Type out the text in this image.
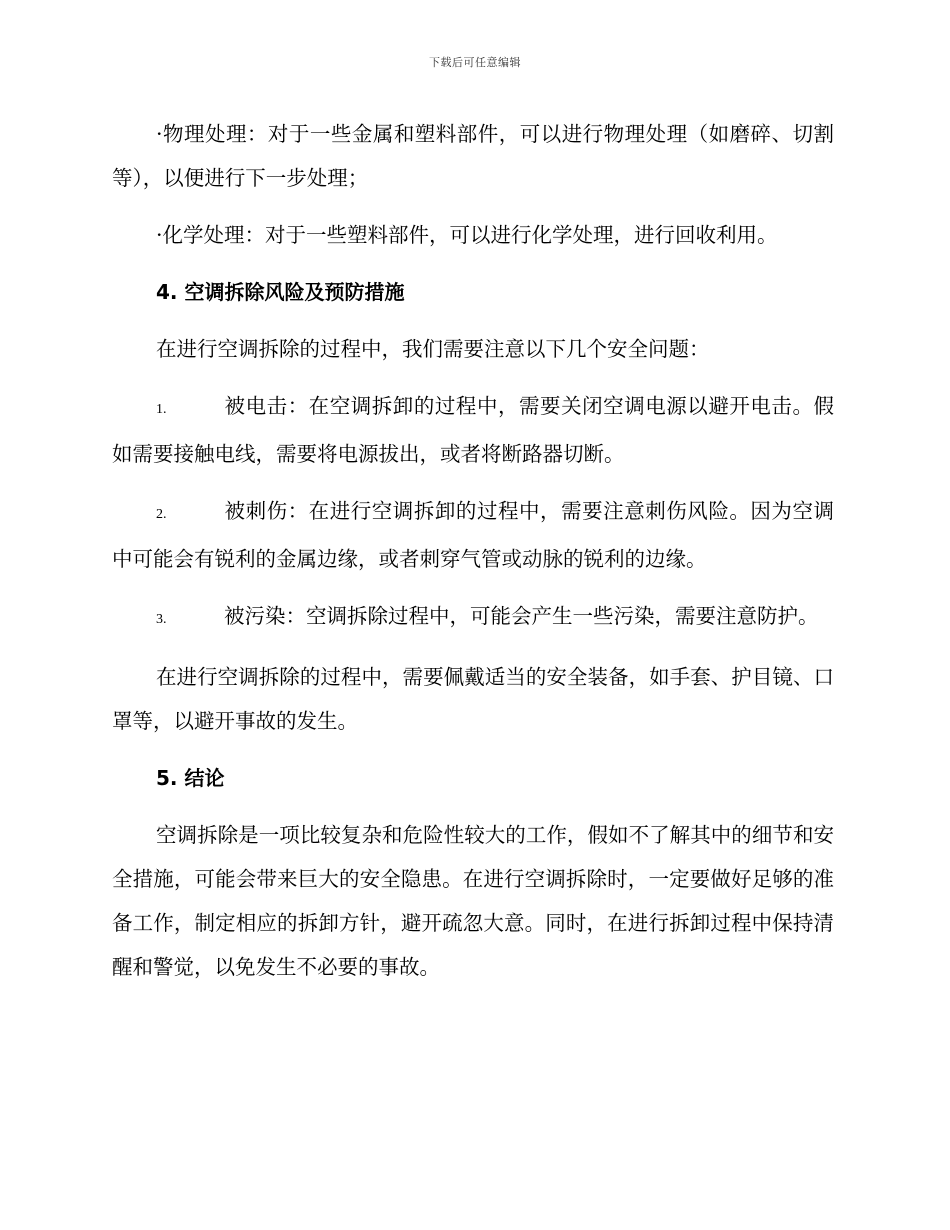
下载后可任意编辑

·物理处理：对于一些金属和塑料部件，可以进行物理处理（如磨碎、切割等），以便进行下一步处理；

·化学处理：对于一些塑料部件，可以进行化学处理，进行回收利用。

4. 空调拆除风险及预防措施

在进行空调拆除的过程中，我们需要注意以下几个安全问题：

1.	被电击：在空调拆卸的过程中，需要关闭空调电源以避开电击。假如需要接触电线，需要将电源拔出，或者将断路器切断。
2.	被刺伤：在进行空调拆卸的过程中，需要注意刺伤风险。因为空调中可能会有锐利的金属边缘，或者刺穿气管或动脉的锐利的边缘。
3.	被污染：空调拆除过程中，可能会产生一些污染，需要注意防护。

在进行空调拆除的过程中，需要佩戴适当的安全装备，如手套、护目镜、口罩等，以避开事故的发生。

5. 结论

空调拆除是一项比较复杂和危险性较大的工作，假如不了解其中的细节和安全措施，可能会带来巨大的安全隐患。在进行空调拆除时，一定要做好足够的准备工作，制定相应的拆卸方针，避开疏忽大意。同时，在进行拆卸过程中保持清醒和警觉，以免发生不必要的事故。
